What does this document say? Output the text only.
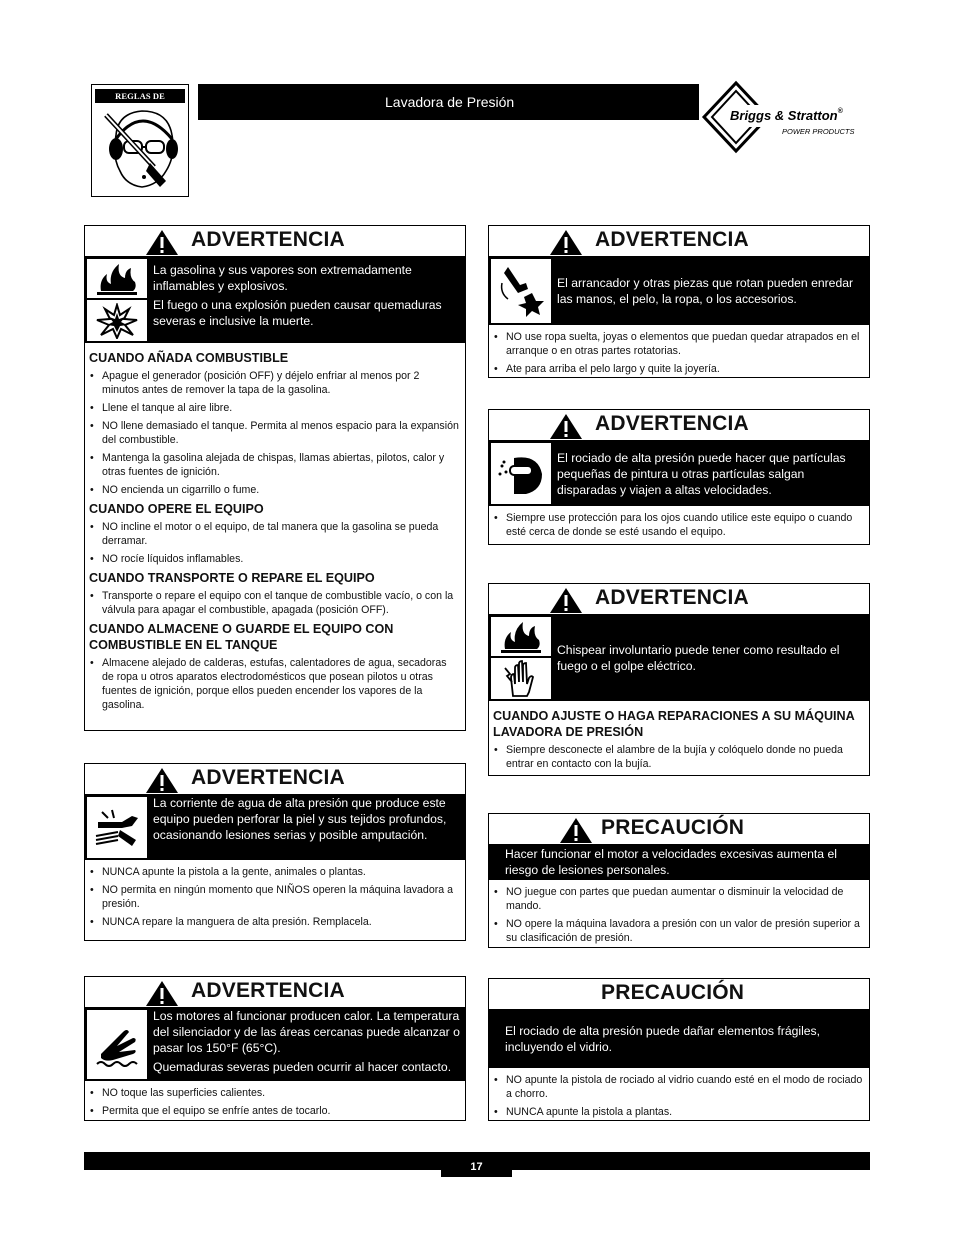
REGLAS DE SEGURIDAD	Lavadora de Presión
Briggs & Stratton®
POWER PRODUCTS
ADVERTENCIA

La gasolina y sus vapores son extremadamente inflamables y explosivos.

El fuego o una explosión pueden causar quemaduras severas e inclusive la muerte.

CUANDO AÑADA COMBUSTIBLE
• Apague el generador (posición OFF) y déjelo enfriar al menos por 2 minutos antes de remover la tapa de la gasolina.
• Llene el tanque al aire libre.
• NO llene demasiado el tanque. Permita al menos espacio para la expansión del combustible.
• Mantenga la gasolina alejada de chispas, llamas abiertas, pilotos, calor y otras fuentes de ignición.
• NO encienda un cigarrillo o fume.
CUANDO OPERE EL EQUIPO
• NO incline el motor o el equipo, de tal manera que la gasolina se pueda derramar.
• NO rocíe líquidos inflamables.
CUANDO TRANSPORTE O REPARE EL EQUIPO
• Transporte o repare el equipo con el tanque de combustible vacío, o con la válvula para apagar el combustible, apagada (posición OFF).
CUANDO ALMACENE O GUARDE EL EQUIPO CON COMBUSTIBLE EN EL TANQUE
• Almacene alejado de calderas, estufas, calentadores de agua, secadoras de ropa u otros aparatos electrodomésticos que posean pilotos u otras fuentes de ignición, porque ellos pueden encender los vapores de la gasolina.
ADVERTENCIA

La corriente de agua de alta presión que produce este equipo pueden perforar la piel y sus tejidos profundos, ocasionando lesiones serias y posible amputación.

• NUNCA apunte la pistola a la gente, animales o plantas.
• NO permita en ningún momento que NIÑOS operen la máquina lavadora a presión.
• NUNCA repare la manguera de alta presión. Remplacela.
ADVERTENCIA

Los motores al funcionar producen calor. La temperatura del silenciador y de las áreas cercanas puede alcanzar o pasar los 150°F (65°C).

Quemaduras severas pueden ocurrir al hacer contacto.

• NO toque las superficies calientes.
• Permita que el equipo se enfríe antes de tocarlo.
ADVERTENCIA

El arrancador y otras piezas que rotan pueden enredar las manos, el pelo, la ropa, o los accesorios.

• NO use ropa suelta, joyas o elementos que puedan quedar atrapados en el arranque o en otras partes rotatorias.
• Ate para arriba el pelo largo y quite la joyería.
ADVERTENCIA

El rociado de alta presión puede hacer que partículas pequeñas de pintura u otras partículas salgan disparadas y viajen a altas velocidades.

• Siempre use protección para los ojos cuando utilice este equipo o cuando esté cerca de donde se esté usando el equipo.
ADVERTENCIA

Chispear involuntario puede tener como resultado el fuego o el golpe eléctrico.

CUANDO AJUSTE O HAGA REPARACIONES A SU MÁQUINA LAVADORA DE PRESIÓN
• Siempre desconecte el alambre de la bujía y colóquelo donde no pueda entrar en contacto con la bujía.
PRECAUCIÓN
Hacer funcionar el motor a velocidades excesivas aumenta el riesgo de lesiones personales.
• NO juegue con partes que puedan aumentar o disminuir la velocidad de mando.
• NO opere la máquina lavadora a presión con un valor de presión superior a su clasificación de presión.
PRECAUCIÓN
El rociado de alta presión puede dañar elementos frágiles, incluyendo el vidrio.
• NO apunte la pistola de rociado al vidrio cuando esté en el modo de rociado a chorro.
• NUNCA apunte la pistola a plantas.
17
